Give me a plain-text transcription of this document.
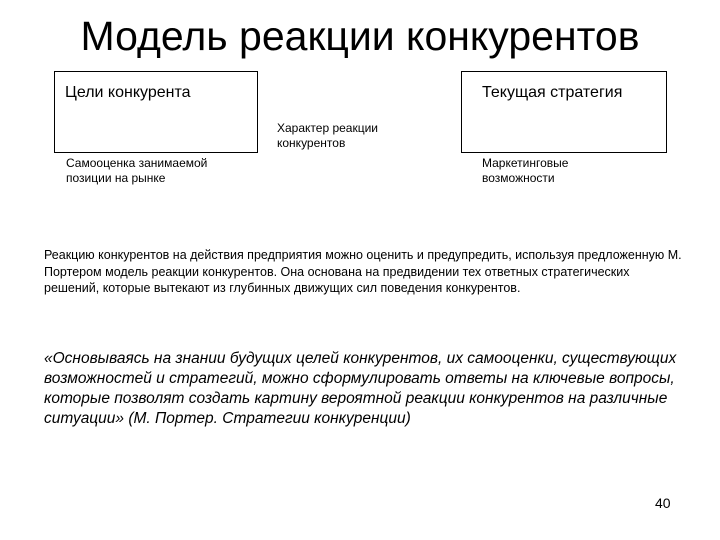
Модель реакции конкурентов
Цели конкурента
Самооценка занимаемой позиции на рынке
Текущая стратегия
Маркетинговые возможности
Характер реакции конкурентов
Реакцию конкурентов на действия предприятия можно оценить и предупредить, используя предложенную М. Портером модель реакции конкурентов. Она основана на предвидении тех ответных стратегических решений, которые вытекают из глубинных движущих сил поведения конкурентов.
«Основываясь на знании будущих целей конкурентов, их самооценки, существующих возможностей и стратегий, можно сформулировать ответы на ключевые вопросы, которые позволят создать картину вероятной реакции конкурентов на различные ситуации» (М. Портер. Стратегии конкуренции)
40
